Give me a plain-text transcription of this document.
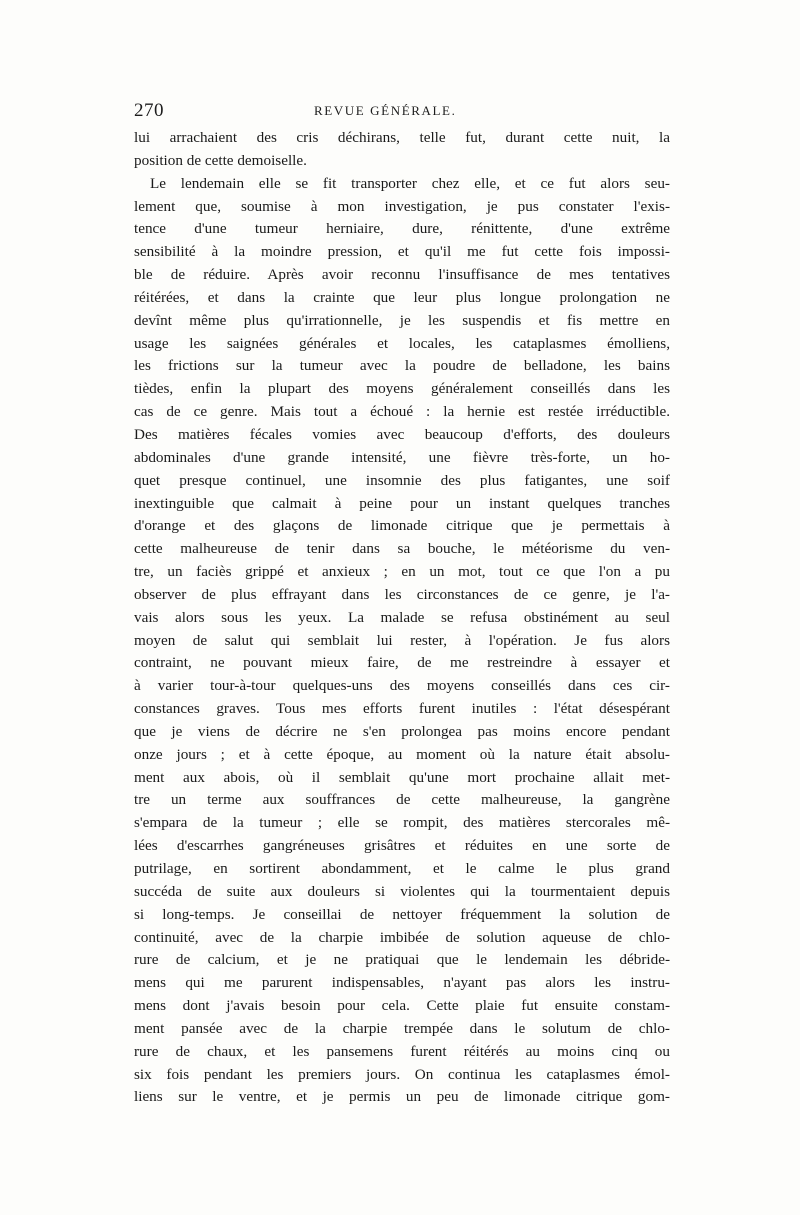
270	REVUE GÉNÉRALE.
lui arrachaient des cris déchirans, telle fut, durant cette nuit, la
position de cette demoiselle.
Le lendemain elle se fit transporter chez elle, et ce fut alors seu-
lement que, soumise à mon investigation, je pus constater l'exis-
tence d'une tumeur herniaire, dure, rénittente, d'une extrême
sensibilité à la moindre pression, et qu'il me fut cette fois impossi-
ble de réduire. Après avoir reconnu l'insuffisance de mes tentatives
réitérées, et dans la crainte que leur plus longue prolongation ne
devînt même plus qu'irrationnelle, je les suspendis et fis mettre en
usage les saignées générales et locales, les cataplasmes émolliens,
les frictions sur la tumeur avec la poudre de belladone, les bains
tièdes, enfin la plupart des moyens généralement conseillés dans les
cas de ce genre. Mais tout a échoué : la hernie est restée irréductible.
Des matières fécales vomies avec beaucoup d'efforts, des douleurs
abdominales d'une grande intensité, une fièvre très-forte, un ho-
quet presque continuel, une insomnie des plus fatigantes, une soif
inextinguible que calmait à peine pour un instant quelques tranches
d'orange et des glaçons de limonade citrique que je permettais à
cette malheureuse de tenir dans sa bouche, le météorisme du ven-
tre, un faciès grippé et anxieux ; en un mot, tout ce que l'on a pu
observer de plus effrayant dans les circonstances de ce genre, je l'a-
vais alors sous les yeux. La malade se refusa obstinément au seul
moyen de salut qui semblait lui rester, à l'opération. Je fus alors
contraint, ne pouvant mieux faire, de me restreindre à essayer et
à varier tour-à-tour quelques-uns des moyens conseillés dans ces cir-
constances graves. Tous mes efforts furent inutiles : l'état désespérant
que je viens de décrire ne s'en prolongea pas moins encore pendant
onze jours ; et à cette époque, au moment où la nature était absolu-
ment aux abois, où il semblait qu'une mort prochaine allait met-
tre un terme aux souffrances de cette malheureuse, la gangrène
s'empara de la tumeur ; elle se rompit, des matières stercorales mê-
lées d'escarrhes gangréneuses grisâtres et réduites en une sorte de
putrilage, en sortirent abondamment, et le calme le plus grand
succéda de suite aux douleurs si violentes qui la tourmentaient depuis
si long-temps. Je conseillai de nettoyer fréquemment la solution de
continuité, avec de la charpie imbibée de solution aqueuse de chlo-
rure de calcium, et je ne pratiquai que le lendemain les débride-
mens qui me parurent indispensables, n'ayant pas alors les instru-
mens dont j'avais besoin pour cela. Cette plaie fut ensuite constam-
ment pansée avec de la charpie trempée dans le solutum de chlo-
rure de chaux, et les pansemens furent réitérés au moins cinq ou
six fois pendant les premiers jours. On continua les cataplasmes émol-
liens sur le ventre, et je permis un peu de limonade citrique gom-
